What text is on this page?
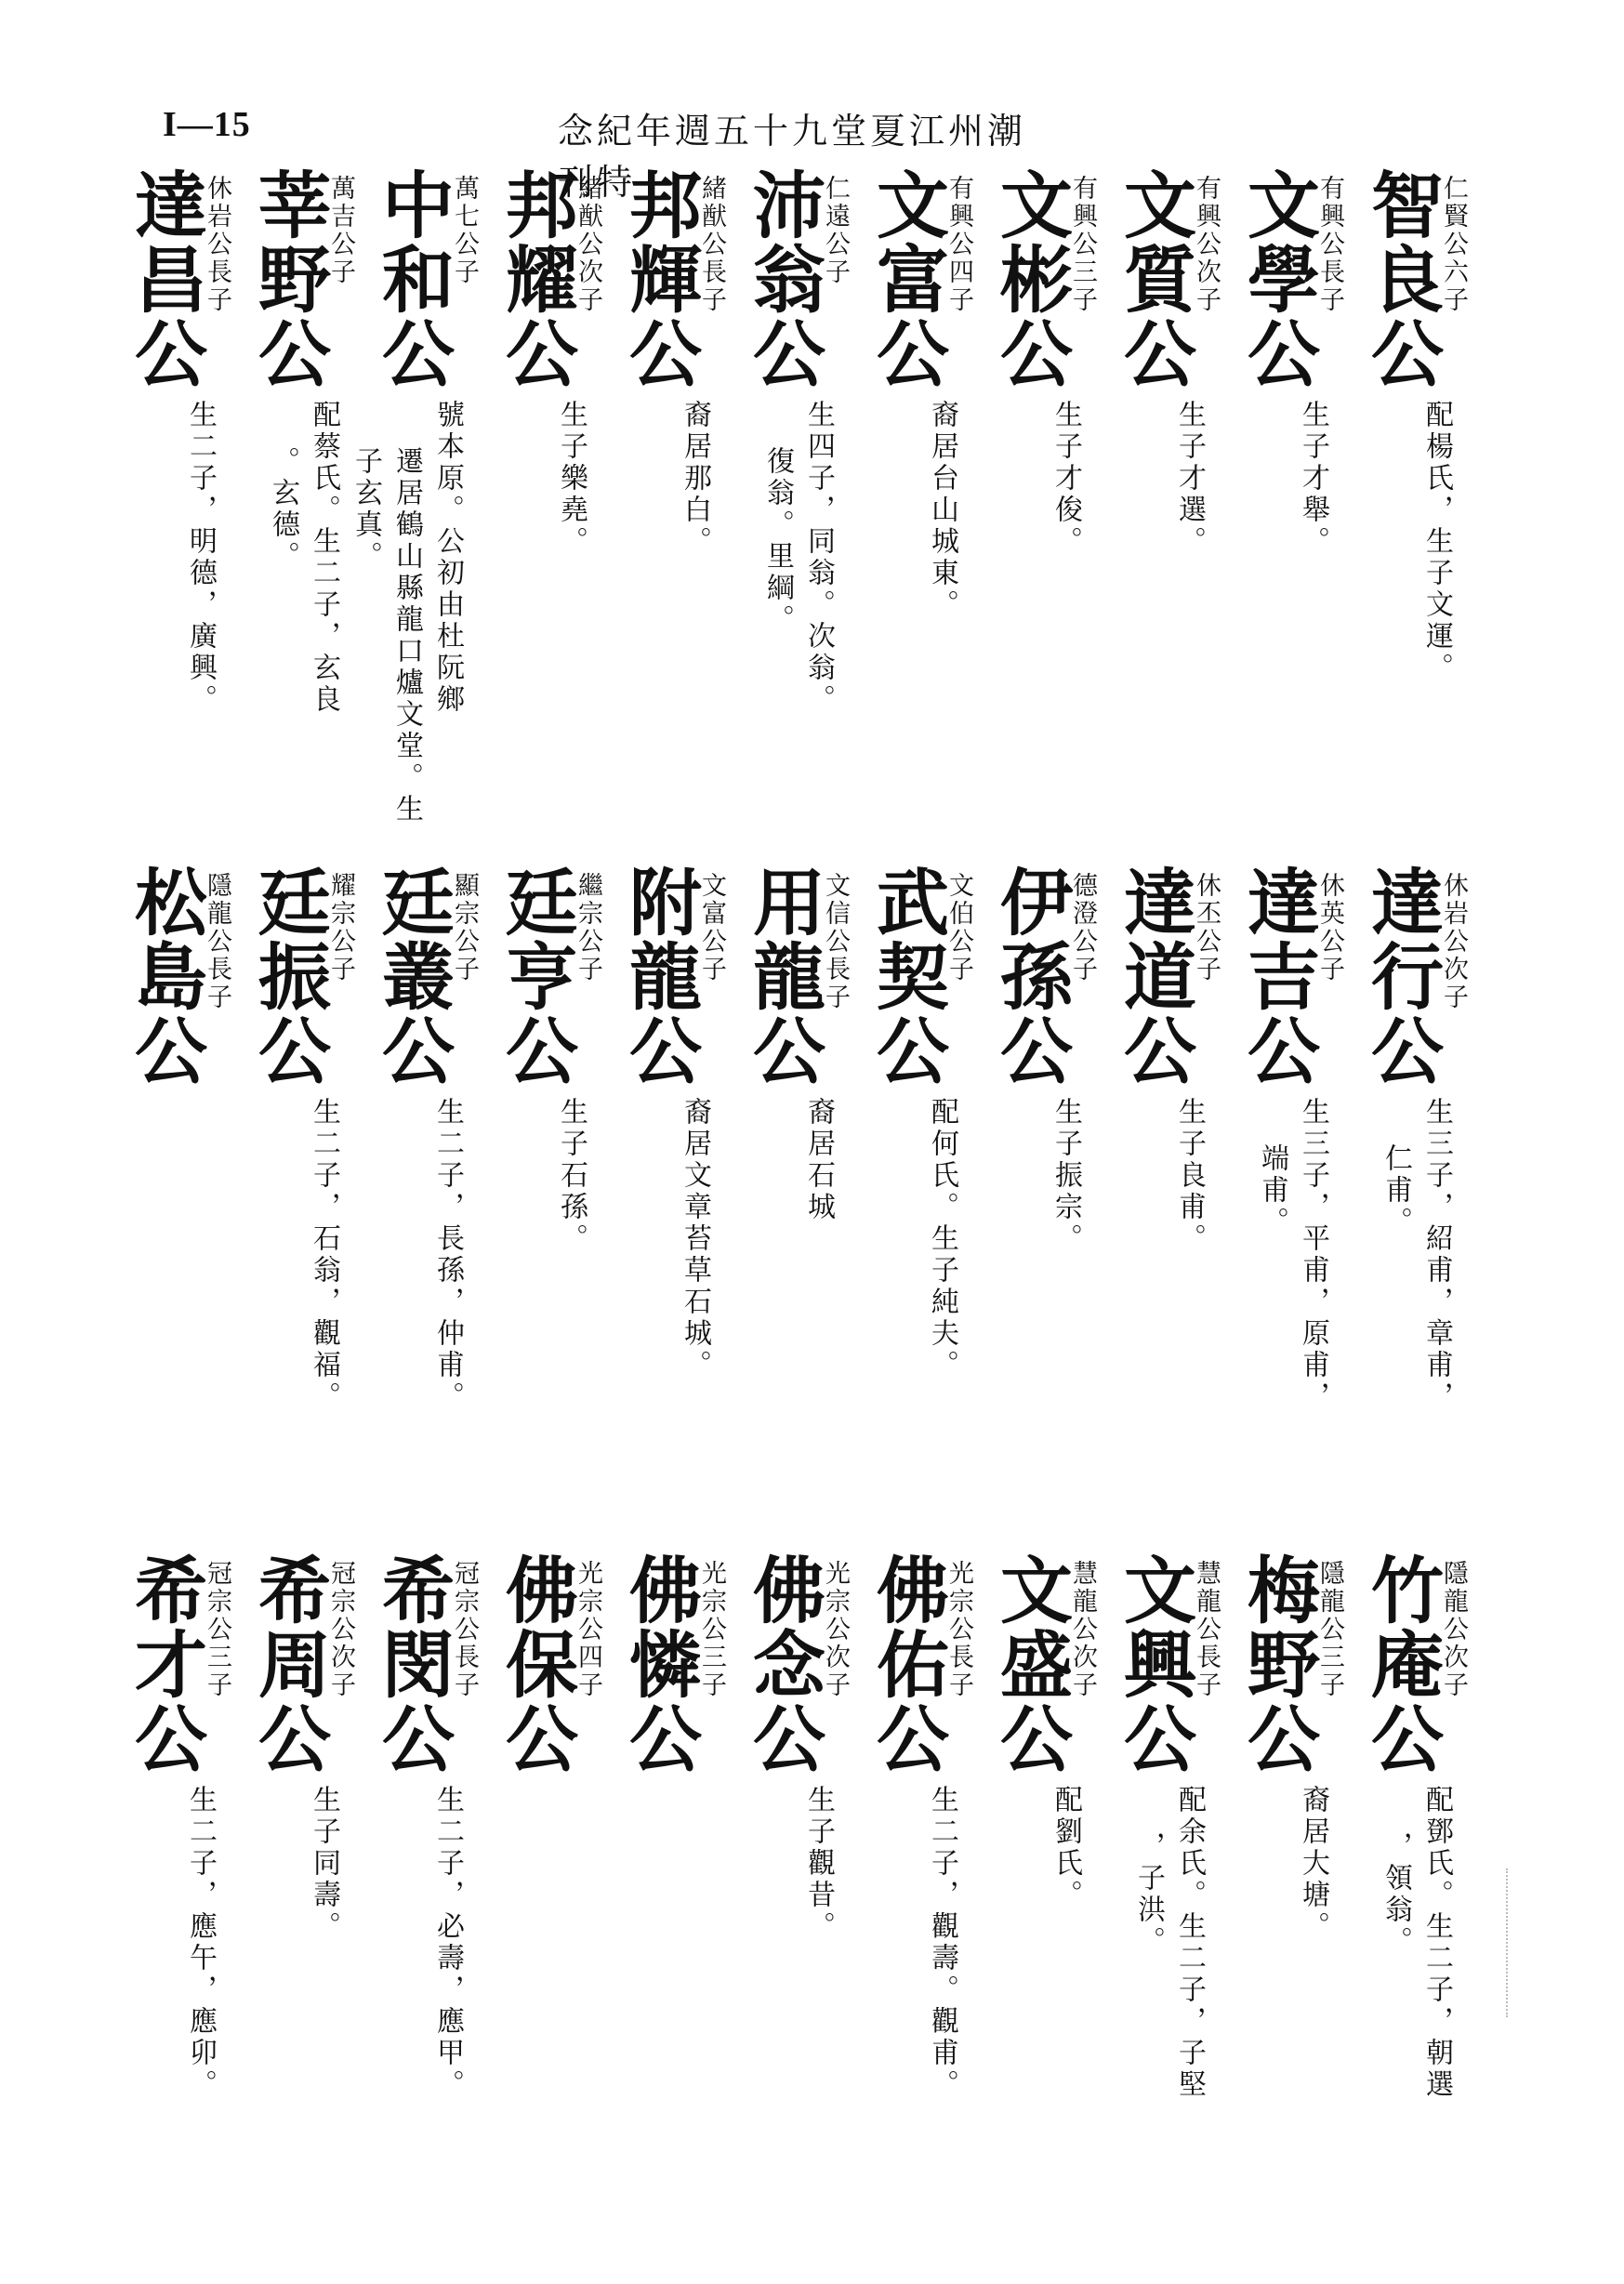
I—15	潮州江夏堂九十五週年紀念特刊	仁賢公六子
智良公
配楊氏，生子文運。
有興公長子
文學公
生子才舉。
有興公次子
文質公
生子才選。
有興公三子
文彬公
生子才俊。
有興公四子
文富公
裔居台山城東。
仁遠公子
沛翁公
生四子，同翁。次翁。
復翁。里綱。
緒猷公長子
邦輝公
裔居那白。
緒猷公次子
邦耀公
生子樂堯。
萬七公子
中和公
號本原。公初由杜阮鄉
遷居鶴山縣龍口爐文堂。生
子玄真。
萬吉公子
莘野公
配蔡氏。生二子，玄良
。玄德。
休岩公長子
達昌公
生二子，明德，廣興。
休岩公次子
達行公
生三子，紹甫，章甫，
仁甫。
休英公子
達吉公
生三子，平甫，原甫，
端甫。
休丕公子
達道公
生子良甫。
德澄公子
伊孫公
生子振宗。
文伯公子
武契公
配何氏。生子純夫。
文信公長子
用龍公
裔居石城
文富公子
附龍公
裔居文章苔草石城。
繼宗公子
廷亨公
生子石孫。
顯宗公子
廷叢公
生二子，長孫，仲甫。
耀宗公子
廷振公
生二子，石翁，觀福。
隱龍公長子
松島公
隱龍公次子
竹庵公
配鄧氏。生二子，朝選
，領翁。
隱龍公三子
梅野公
裔居大塘。
慧龍公長子
文興公
配余氏。生二子，子堅
，子洪。
慧龍公次子
文盛公
配劉氏。
光宗公長子
佛佑公
生二子，觀壽。觀甫。
光宗公次子
佛念公
生子觀昔。
光宗公三子
佛憐公
光宗公四子
佛保公
冠宗公長子
希閔公
生二子，必壽，應甲。
冠宗公次子
希周公
生子同壽。
冠宗公三子
希才公
生二子，應午，應卯。
